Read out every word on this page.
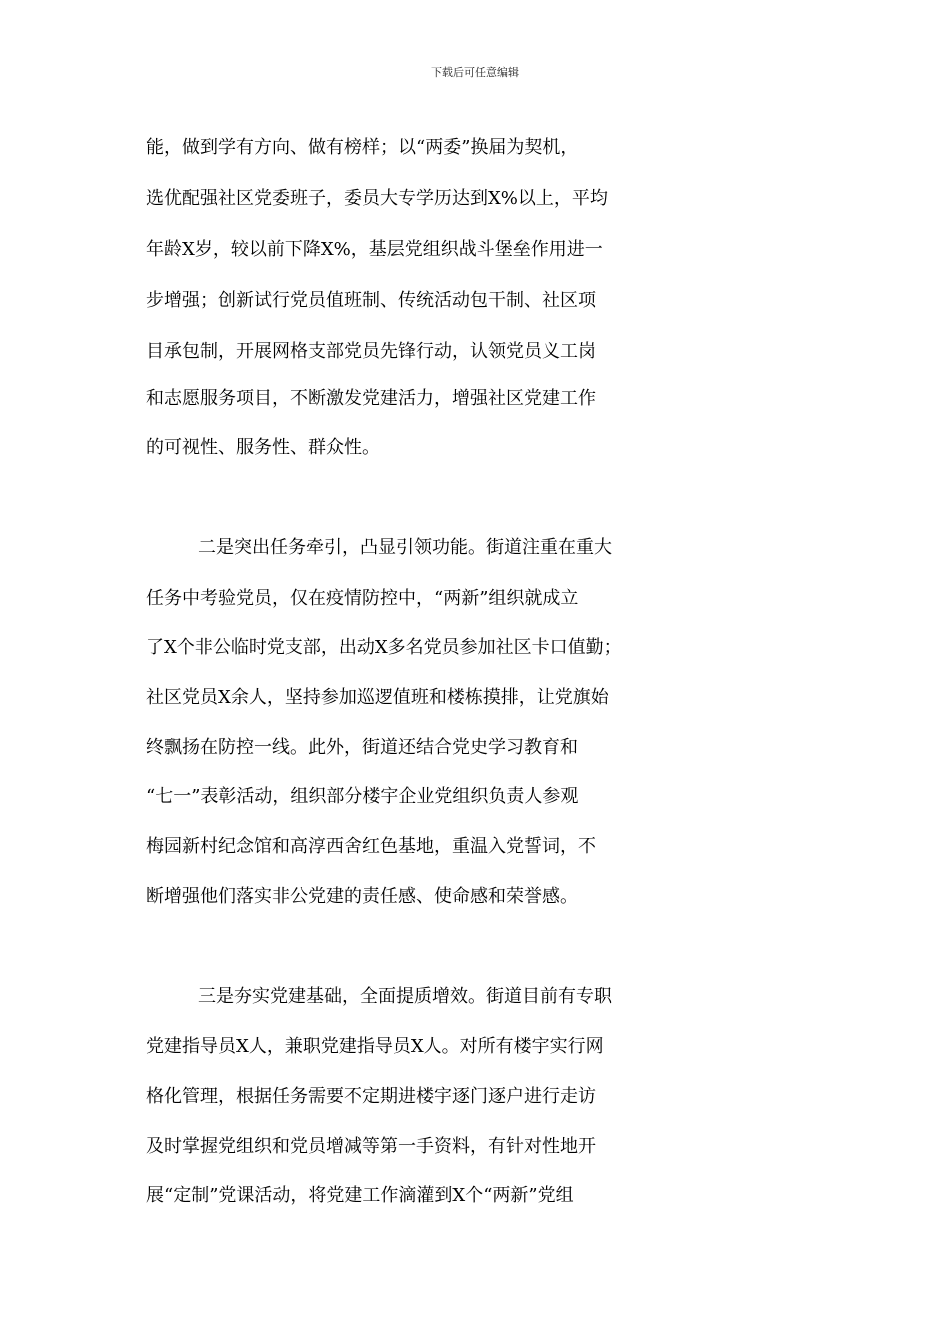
下载后可任意编辑
能，做到学有方向、做有榜样；以“两委”换届为契机，
选优配强社区党委班子，委员大专学历达到X%以上，平均
年龄X岁，较以前下降X%，基层党组织战斗堡垒作用进一
步增强；创新试行党员值班制、传统活动包干制、社区项
目承包制，开展网格支部党员先锋行动，认领党员义工岗
和志愿服务项目，不断激发党建活力，增强社区党建工作
的可视性、服务性、群众性。
二是突出任务牵引，凸显引领功能。街道注重在重大
任务中考验党员，仅在疫情防控中，“两新”组织就成立
了X个非公临时党支部，出动X多名党员参加社区卡口值勤；
社区党员X余人，坚持参加巡逻值班和楼栋摸排，让党旗始
终飘扬在防控一线。此外，街道还结合党史学习教育和
“七一”表彰活动，组织部分楼宇企业党组织负责人参观
梅园新村纪念馆和高淳西舍红色基地，重温入党誓词，不
断增强他们落实非公党建的责任感、使命感和荣誉感。
三是夯实党建基础，全面提质增效。街道目前有专职
党建指导员X人，兼职党建指导员X人。对所有楼宇实行网
格化管理，根据任务需要不定期进楼宇逐门逐户进行走访
及时掌握党组织和党员增减等第一手资料，有针对性地开
展“定制”党课活动，将党建工作滴灌到X个“两新”党组
